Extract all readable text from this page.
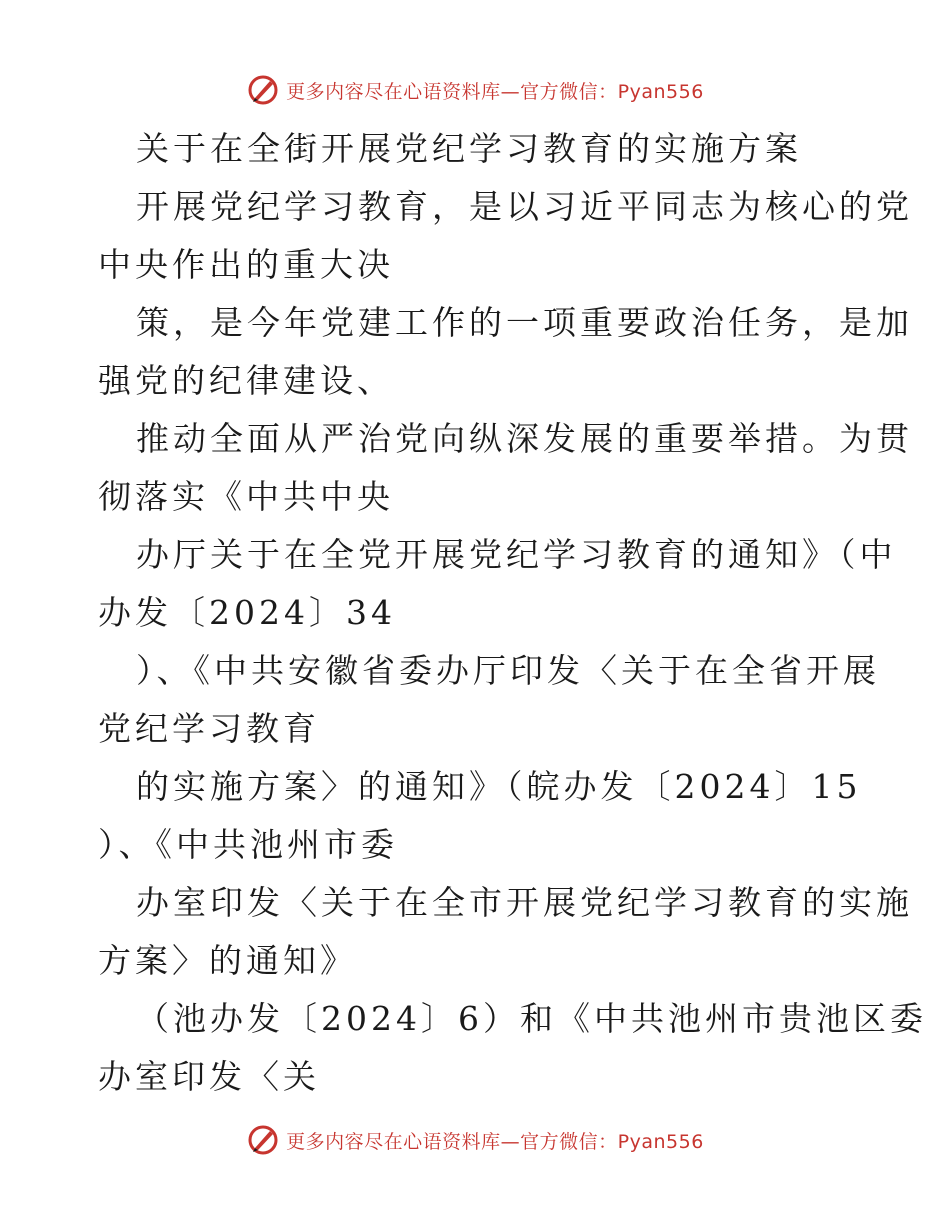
更多内容尽在心语资料库—官方微信：Pyan556
关于在全街开展党纪学习教育的实施方案
开展党纪学习教育，是以习近平同志为核心的党
中央作出的重大决
策，是今年党建工作的一项重要政治任务，是加
强党的纪律建设、
推动全面从严治党向纵深发展的重要举措。为贯
彻落实《中共中央
办厅关于在全党开展党纪学习教育的通知》（中
办发〔2024〕34
）、《中共安徽省委办厅印发〈关于在全省开展
党纪学习教育
的实施方案〉的通知》（皖办发〔2024〕15
）、《中共池州市委
办室印发〈关于在全市开展党纪学习教育的实施
方案〉的通知》
（池办发〔2024〕6）和《中共池州市贵池区委
办室印发〈关
更多内容尽在心语资料库—官方微信：Pyan556
